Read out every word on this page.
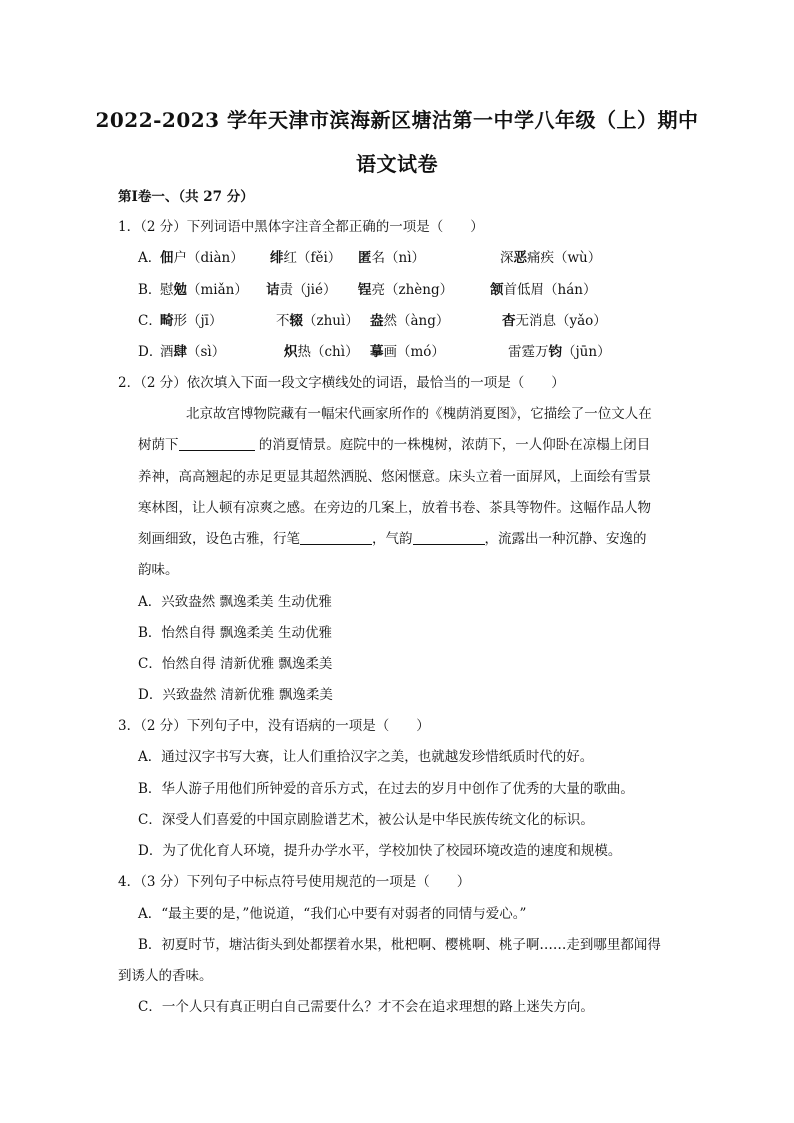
2022-2023 学年天津市滨海新区塘沽第一中学八年级（上）期中
语文试卷
第Ⅰ卷一、（共 27 分）
1．（2 分）下列词语中黑体字注音全都正确的一项是（　　）
A．
佃户（diàn） 绯红（fěi） 匿名（nì）	深恶痛疾（wù）
B．
慰勉（miǎn） 诘责（jié） 锃亮（zhèng）	颔首低眉（hán）
C．
畸形（jī）	不辍（zhuì） 盎然（àng）	杳无消息（yǎo）
D．
酒肆（sì）	炽热（chì） 摹画（mó）	雷霆万钧（jūn）
2．（2 分）依次填入下面一段文字横线处的词语，最恰当的一项是（　　）
北京故宫博物院藏有一幅宋代画家所作的《槐荫消夏图》，它描绘了一位文人在
树荫下	的消夏情景。庭院中的一株槐树，浓荫下，一人仰卧在凉榻上闭目
养神，高高翘起的赤足更显其超然洒脱、悠闲惬意。床头立着一面屏风，上面绘有雪景
寒林图，让人顿有凉爽之感。在旁边的几案上，放着书卷、茶具等物件。这幅作品人物
刻画细致，设色古雅，行笔	，气韵	，流露出一种沉静、安逸的
韵味。
A．兴致盎然 飘逸柔美 生动优雅
B．怡然自得 飘逸柔美 生动优雅
C．怡然自得 清新优雅 飘逸柔美
D．兴致盎然 清新优雅 飘逸柔美
3．（2 分）下列句子中，没有语病的一项是（　　）
A．通过汉字书写大赛，让人们重拾汉字之美，也就越发珍惜纸质时代的好。
B．华人游子用他们所钟爱的音乐方式，在过去的岁月中创作了优秀的大量的歌曲。
C．深受人们喜爱的中国京剧脸谱艺术，被公认是中华民族传统文化的标识。
D．为了优化育人环境，提升办学水平，学校加快了校园环境改造的速度和规模。
4．（3 分）下列句子中标点符号使用规范的一项是（　　）
A．“最主要的是，”他说道，“我们心中要有对弱者的同情与爱心。”
B．初夏时节，塘沽街头到处都摆着水果，枇杷啊、樱桃啊、桃子啊……走到哪里都闻得
到诱人的香味。
C．一个人只有真正明白自己需要什么？才不会在追求理想的路上迷失方向。
